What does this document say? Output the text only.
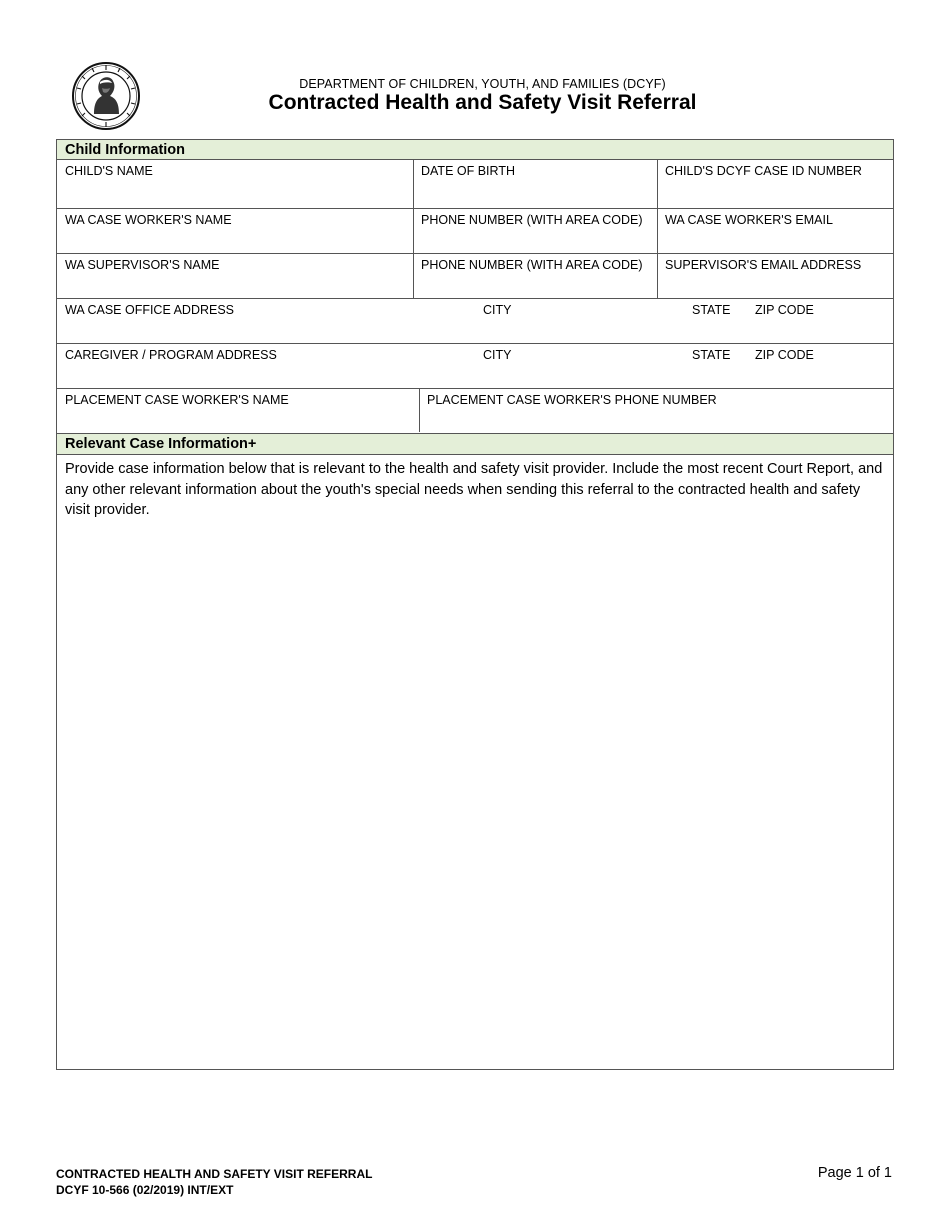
DEPARTMENT OF CHILDREN, YOUTH, AND FAMILIES (DCYF)
Contracted Health and Safety Visit Referral
Child Information
CHILD'S NAME	DATE OF BIRTH	CHILD'S DCYF CASE ID NUMBER
WA CASE WORKER'S NAME	PHONE NUMBER (WITH AREA CODE)	WA CASE WORKER'S EMAIL
WA SUPERVISOR'S NAME	PHONE NUMBER (WITH AREA CODE)	SUPERVISOR'S EMAIL ADDRESS
WA CASE OFFICE ADDRESS	CITY	STATE ZIP CODE
CAREGIVER / PROGRAM ADDRESS	CITY	STATE ZIP CODE
PLACEMENT CASE WORKER'S NAME	PLACEMENT CASE WORKER'S PHONE NUMBER
Relevant Case Information+
Provide case information below that is relevant to the health and safety visit provider. Include the most recent Court Report, and any other relevant information about the youth's special needs when sending this referral to the contracted health and safety visit provider.
CONTRACTED HEALTH AND SAFETY VISIT REFERRAL
DCYF 10-566 (02/2019) INT/EXT
Page 1 of 1
